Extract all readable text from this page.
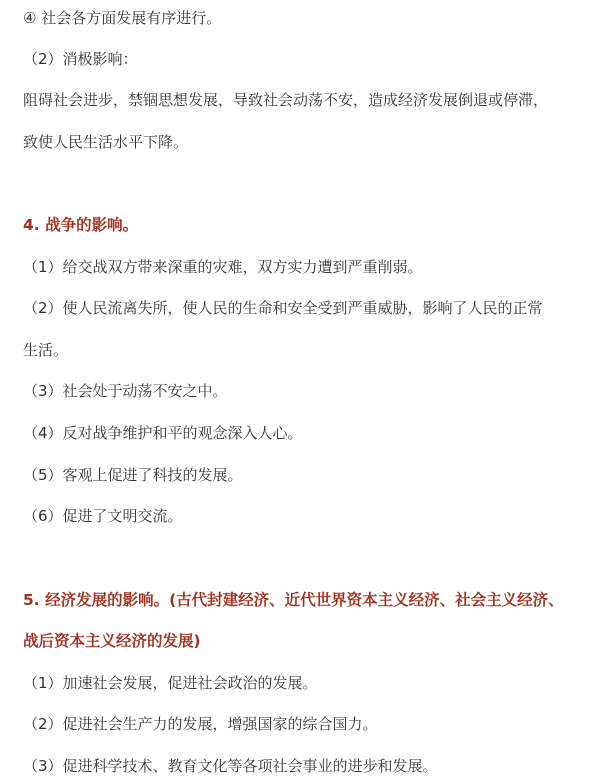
④ 社会各方面发展有序进行。
（2）消极影响：
阻碍社会进步，禁锢思想发展，导致社会动荡不安，造成经济发展倒退或停滞，
致使人民生活水平下降。
4. 战争的影响。
（1）给交战双方带来深重的灾难，双方实力遭到严重削弱。
（2）使人民流离失所，使人民的生命和安全受到严重威胁，影响了人民的正常
生活。
（3）社会处于动荡不安之中。
（4）反对战争维护和平的观念深入人心。
（5）客观上促进了科技的发展。
（6）促进了文明交流。
5. 经济发展的影响。(古代封建经济、近代世界资本主义经济、社会主义经济、
战后资本主义经济的发展)
（1）加速社会发展，促进社会政治的发展。
（2）促进社会生产力的发展，增强国家的综合国力。
（3）促进科学技术、教育文化等各项社会事业的进步和发展。
